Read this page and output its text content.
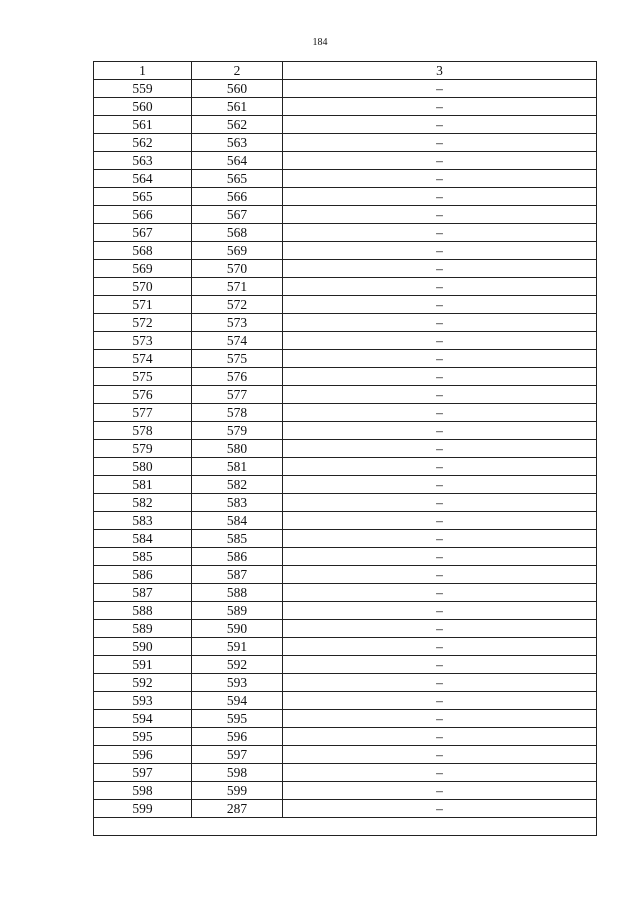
184
1	2	3
559	560	–
560	561	–
561	562	–
562	563	–
563	564	–
564	565	–
565	566	–
566	567	–
567	568	–
568	569	–
569	570	–
570	571	–
571	572	–
572	573	–
573	574	–
574	575	–
575	576	–
576	577	–
577	578	–
578	579	–
579	580	–
580	581	–
581	582	–
582	583	–
583	584	–
584	585	–
585	586	–
586	587	–
587	588	–
588	589	–
589	590	–
590	591	–
591	592	–
592	593	–
593	594	–
594	595	–
595	596	–
596	597	–
597	598	–
598	599	–
599	287	–
